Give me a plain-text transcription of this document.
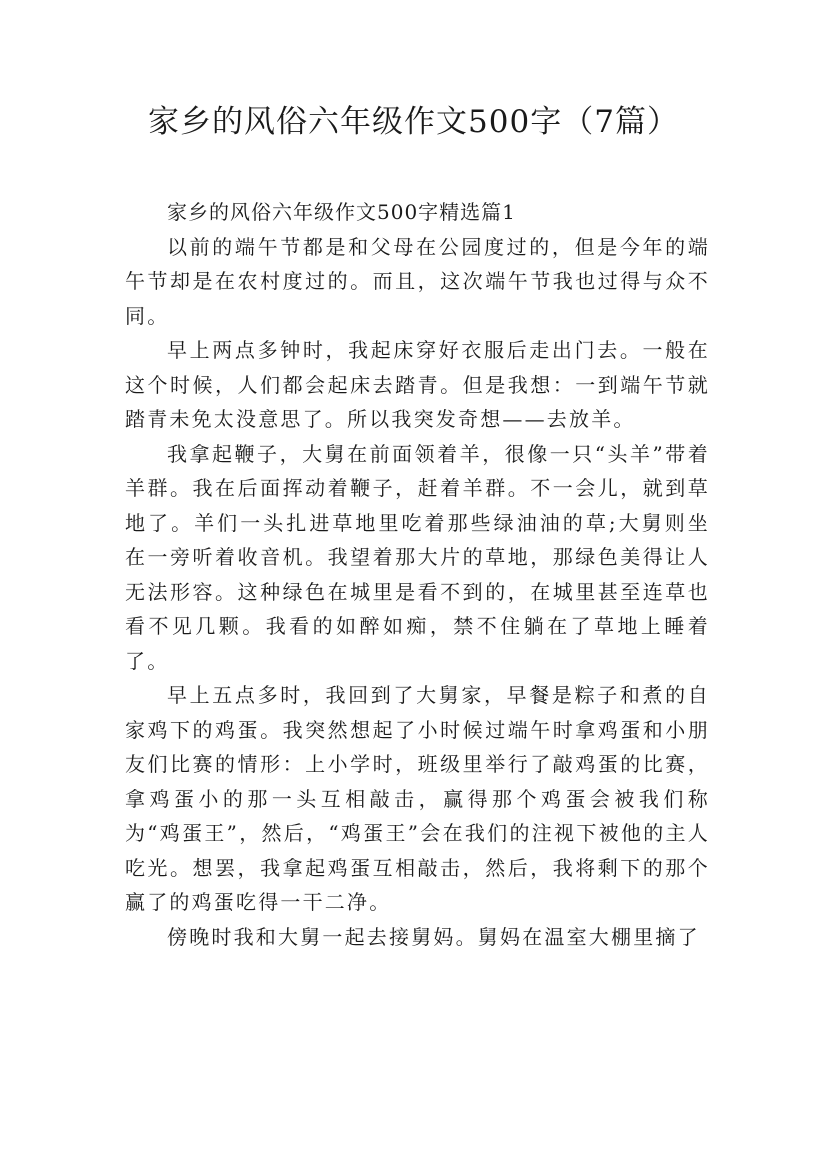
家乡的风俗六年级作文500字（7篇）

家乡的风俗六年级作文500字精选篇1

以前的端午节都是和父母在公园度过的，但是今年的端午节却是在农村度过的。而且，这次端午节我也过得与众不同。

早上两点多钟时，我起床穿好衣服后走出门去。一般在这个时候，人们都会起床去踏青。但是我想：一到端午节就踏青未免太没意思了。所以我突发奇想——去放羊。

我拿起鞭子，大舅在前面领着羊，很像一只“头羊”带着羊群。我在后面挥动着鞭子，赶着羊群。不一会儿，就到草地了。羊们一头扎进草地里吃着那些绿油油的草;大舅则坐在一旁听着收音机。我望着那大片的草地，那绿色美得让人无法形容。这种绿色在城里是看不到的，在城里甚至连草也看不见几颗。我看的如醉如痴，禁不住躺在了草地上睡着了。

早上五点多时，我回到了大舅家，早餐是粽子和煮的自家鸡下的鸡蛋。我突然想起了小时候过端午时拿鸡蛋和小朋友们比赛的情形：上小学时，班级里举行了敲鸡蛋的比赛，拿鸡蛋小的那一头互相敲击，赢得那个鸡蛋会被我们称为“鸡蛋王”，然后，“鸡蛋王”会在我们的注视下被他的主人吃光。想罢，我拿起鸡蛋互相敲击，然后，我将剩下的那个赢了的鸡蛋吃得一干二净。

傍晚时我和大舅一起去接舅妈。舅妈在温室大棚里摘了
